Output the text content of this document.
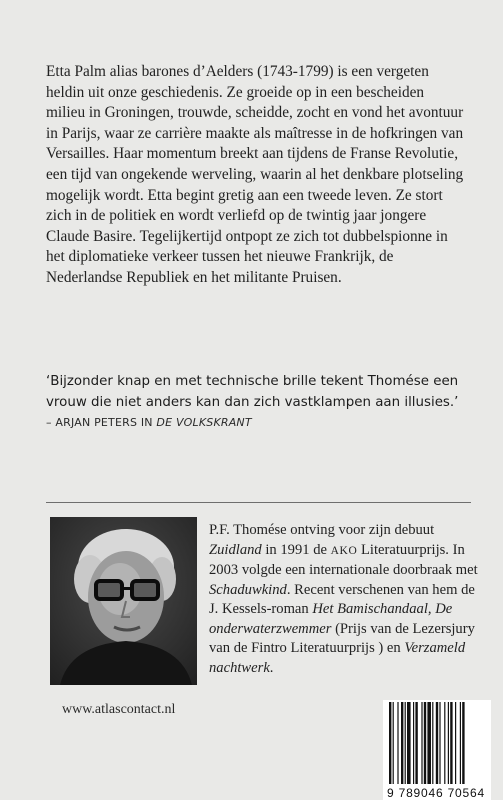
Etta Palm alias barones d’Aelders (1743-1799) is een vergeten heldin uit onze geschiedenis. Ze groeide op in een bescheiden milieu in Groningen, trouwde, scheidde, zocht en vond het avontuur in Parijs, waar ze carrière maakte als maîtresse in de hofkringen van Versailles. Haar momentum breekt aan tijdens de Franse Revolutie, een tijd van ongekende werveling, waarin al het denkbare plotseling mogelijk wordt. Etta begint gretig aan een tweede leven. Ze stort zich in de politiek en wordt verliefd op de twintig jaar jongere Claude Basire. Tegelijkertijd ontpopt ze zich tot dubbelspionne in het diplomatieke verkeer tussen het nieuwe Frankrijk, de Nederlandse Republiek en het militante Pruisen.
‘Bijzonder knap en met technische brille tekent Thomése een vrouw die niet anders kan dan zich vastklampen aan illusies.’ – ARJAN PETERS IN DE VOLKSKRANT
P.F. Thomése ontving voor zijn debuut Zuidland in 1991 de AKO Literatuurprijs. In 2003 volgde een internationale doorbraak met Schaduwkind. Recent verschenen van hem de J. Kessels-roman Het Bamischandaal, De onderwaterzwemmer (Prijs van de Lezersjury van de Fintro Literatuurprijs ) en Verzameld nachtwerk.
www.atlascontact.nl
9 789046 70564
